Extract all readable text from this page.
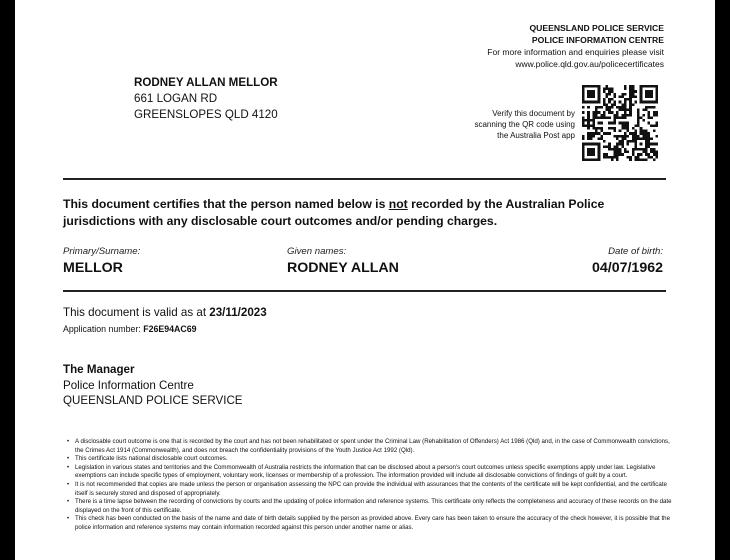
QUEENSLAND POLICE SERVICE
POLICE INFORMATION CENTRE
For more information and enquiries please visit
www.police.qld.gov.au/policecertificates
RODNEY ALLAN MELLOR
661 LOGAN RD
GREENSLOPES QLD 4120	Verify this document by
scanning the QR code using
the Australia Post app
This document certifies that the person named below is not recorded by the Australian Police jurisdictions with any disclosable court outcomes and/or pending charges.
Primary/Surname:
MELLOR
Given names:
RODNEY ALLAN
Date of birth:
04/07/1962
This document is valid as at 23/11/2023
Application number: F26E94AC69
The Manager
Police Information Centre
QUEENSLAND POLICE SERVICE
• A disclosable court outcome is one that is recorded by the court and has not been rehabilitated or spent under the Criminal Law (Rehabilitation of Offenders) Act 1986 (Qld) and, in the case of Commonwealth convictions, the Crimes Act 1914 (Commonwealth), and does not breach the confidentiality provisions of the Youth Justice Act 1992 (Qld).
• This certificate lists national disclosable court outcomes.
• Legislation in various states and territories and the Commonwealth of Australia restricts the information that can be disclosed about a person's court outcomes unless specific exemptions apply under law. Legislative exemptions can include specific types of employment, voluntary work, licenses or membership of a profession. The information provided will include all disclosable convictions of findings of guilt by a court.
• It is not recommended that copies are made unless the person or organisation assessing the NPC can provide the individual with assurances that the contents of the certificate will be kept confidential, and the certificate itself is securely stored and disposed of appropriately.
• There is a time lapse between the recording of convictions by courts and the updating of police information and reference systems. This certificate only reflects the completeness and accuracy of these records on the date displayed on the front of this certificate.
• This check has been conducted on the basis of the name and date of birth details supplied by the person as provided above. Every care has been taken to ensure the accuracy of the check however, it is possible that the police information and reference systems may contain information recorded against this person under another name or alias.
